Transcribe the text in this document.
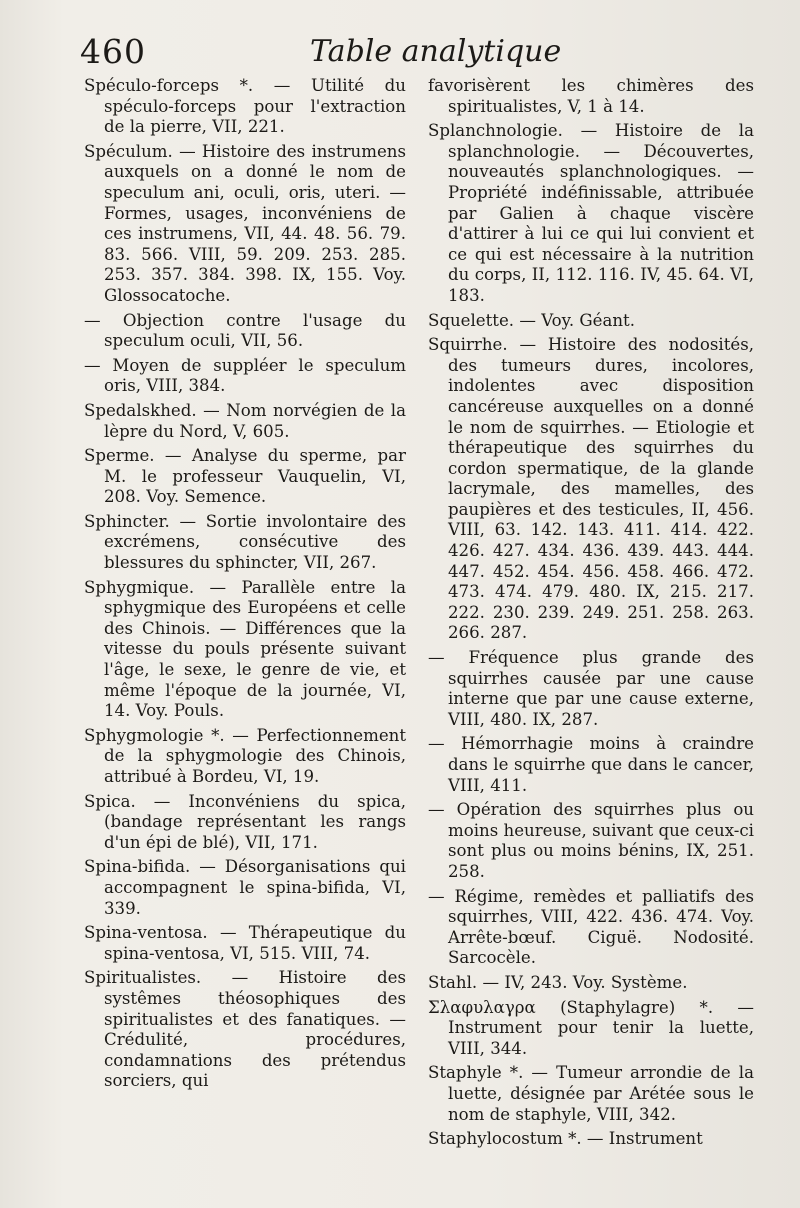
460	Table analytique

Spéculo-forceps *. — Utilité du spéculo-forceps pour l'extraction de la pierre, VII, 221.

Spéculum. — Histoire des instrumens auxquels on a donné le nom de speculum ani, oculi, oris, uteri. — Formes, usages, inconvéniens de ces instrumens, VII, 44. 48. 56. 79. 83. 566. VIII, 59. 209. 253. 285. 253. 357. 384. 398. IX, 155. Voy. Glossocatoche.

— Objection contre l'usage du speculum oculi, VII, 56.

— Moyen de suppléer le speculum oris, VIII, 384.

Spedalskhed. — Nom norvégien de la lèpre du Nord, V, 605.

Sperme. — Analyse du sperme, par M. le professeur Vauquelin, VI, 208. Voy. Semence.

Sphincter. — Sortie involontaire des excrémens, consécutive des blessures du sphincter, VII, 267.

Sphygmique. — Parallèle entre la sphygmique des Européens et celle des Chinois. — Différences que la vitesse du pouls présente suivant l'âge, le sexe, le genre de vie, et même l'époque de la journée, VI, 14. Voy. Pouls.

Sphygmologie *. — Perfectionnement de la sphygmologie des Chinois, attribué à Bordeu, VI, 19.

Spica. — Inconvéniens du spica, (bandage représentant les rangs d'un épi de blé), VII, 171.

Spina-bifida. — Désorganisations qui accompagnent le spina-bifida, VI, 339.

Spina-ventosa. — Thérapeutique du spina-ventosa, VI, 515. VIII, 74.

Spiritualistes. — Histoire des systêmes théosophiques des spiritualistes et des fanatiques. — Crédulité, procédures, condamnations des prétendus sorciers, qui

favorisèrent les chimères des spiritualistes, V, 1 à 14.

Splanchnologie. — Histoire de la splanchnologie. — Découvertes, nouveautés splanchnologiques. — Propriété indéfinissable, attribuée par Galien à chaque viscère d'attirer à lui ce qui lui convient et ce qui est nécessaire à la nutrition du corps, II, 112. 116. IV, 45. 64. VI, 183.

Squelette. — Voy. Géant.

Squirrhe. — Histoire des nodosités, des tumeurs dures, incolores, indolentes avec disposition cancéreuse auxquelles on a donné le nom de squirrhes. — Etiologie et thérapeutique des squirrhes du cordon spermatique, de la glande lacrymale, des mamelles, des paupières et des testicules, II, 456. VIII, 63. 142. 143. 411. 414. 422. 426. 427. 434. 436. 439. 443. 444. 447. 452. 454. 456. 458. 466. 472. 473. 474. 479. 480. IX, 215. 217. 222. 230. 239. 249. 251. 258. 263. 266. 287.

— Fréquence plus grande des squirrhes causée par une cause interne que par une cause externe, VIII, 480. IX, 287.

— Hémorrhagie moins à craindre dans le squirrhe que dans le cancer, VIII, 411.

— Opération des squirrhes plus ou moins heureuse, suivant que ceux-ci sont plus ou moins bénins, IX, 251. 258.

— Régime, remèdes et palliatifs des squirrhes, VIII, 422. 436. 474. Voy. Arrête-bœuf. Ciguë. Nodosité. Sarcocèle.

Stahl. — IV, 243. Voy. Système.

Σλαφυλαγρα (Staphylagre) *. — Instrument pour tenir la luette, VIII, 344.

Staphyle *. — Tumeur arrondie de la luette, désignée par Arétée sous le nom de staphyle, VIII, 342.

Staphylocostum *. — Instrument
